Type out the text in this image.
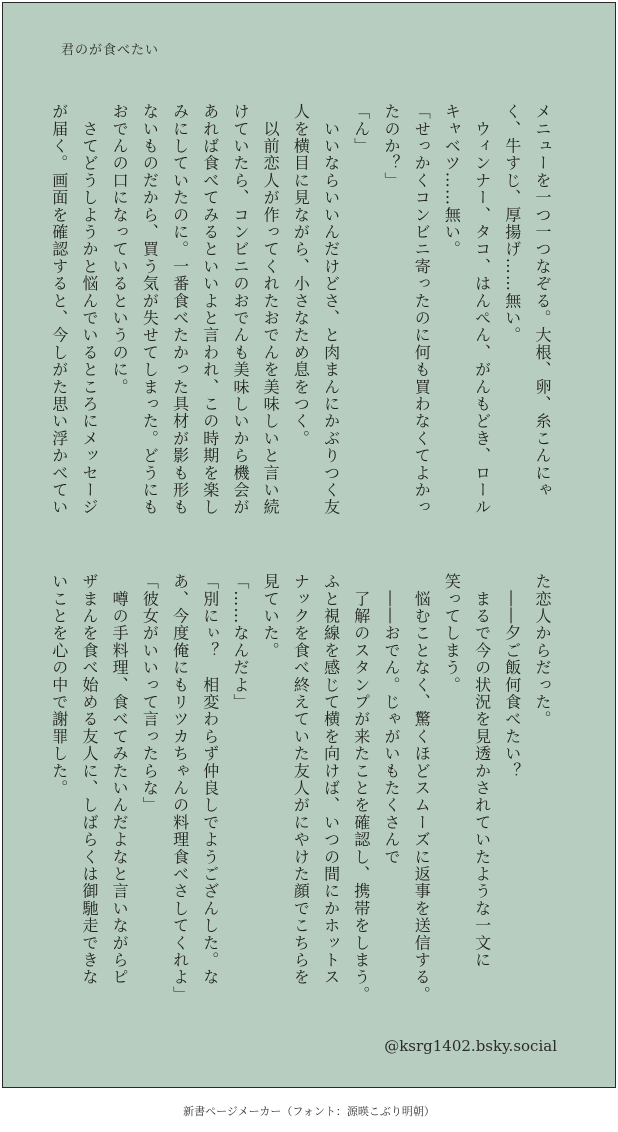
君のが食べたい
メニューを一つ一つなぞる。大根、卵、糸こんにゃ
く、牛すじ、厚揚げ……無い。
　ウィンナー、タコ、はんぺん、がんもどき、ロール
キャベツ……無い。
「せっかくコンビニ寄ったのに何も買わなくてよかっ
たのか？」
「ん」
　いいならいいんだけどさ、と肉まんにかぶりつく友
人を横目に見ながら、小さなため息をつく。
　以前恋人が作ってくれたおでんを美味しいと言い続
けていたら、コンビニのおでんも美味しいから機会が
あれば食べてみるといいよと言われ、この時期を楽し
みにしていたのに。一番食べたかった具材が影も形も
ないものだから、買う気が失せてしまった。どうにも
おでんの口になっているというのに。
　さてどうしようかと悩んでいるところにメッセージ
が届く。画面を確認すると、今しがた思い浮かべてい
た恋人からだった。
　――夕ご飯何食べたい？
　まるで今の状況を見透かされていたような一文に
笑ってしまう。
　悩むことなく、驚くほどスムーズに返事を送信する。
　――おでん。じゃがいもたくさんで
　了解のスタンプが来たことを確認し、携帯をしまう。
ふと視線を感じて横を向けば、いつの間にかホットス
ナックを食べ終えていた友人がにやけた顔でこちらを
見ていた。
「……なんだよ」
「別にぃ？　相変わらず仲良しでようござんした。な
あ、今度俺にもリツカちゃんの料理食べさしてくれよ」
「彼女がいいって言ったらな」
　噂の手料理、食べてみたいんだよなと言いながらピ
ザまんを食べ始める友人に、しばらくは御馳走できな
いことを心の中で謝罪した。
@ksrg1402.bsky.social
新書ページメーカー（フォント：源暎こぶり明朝）
